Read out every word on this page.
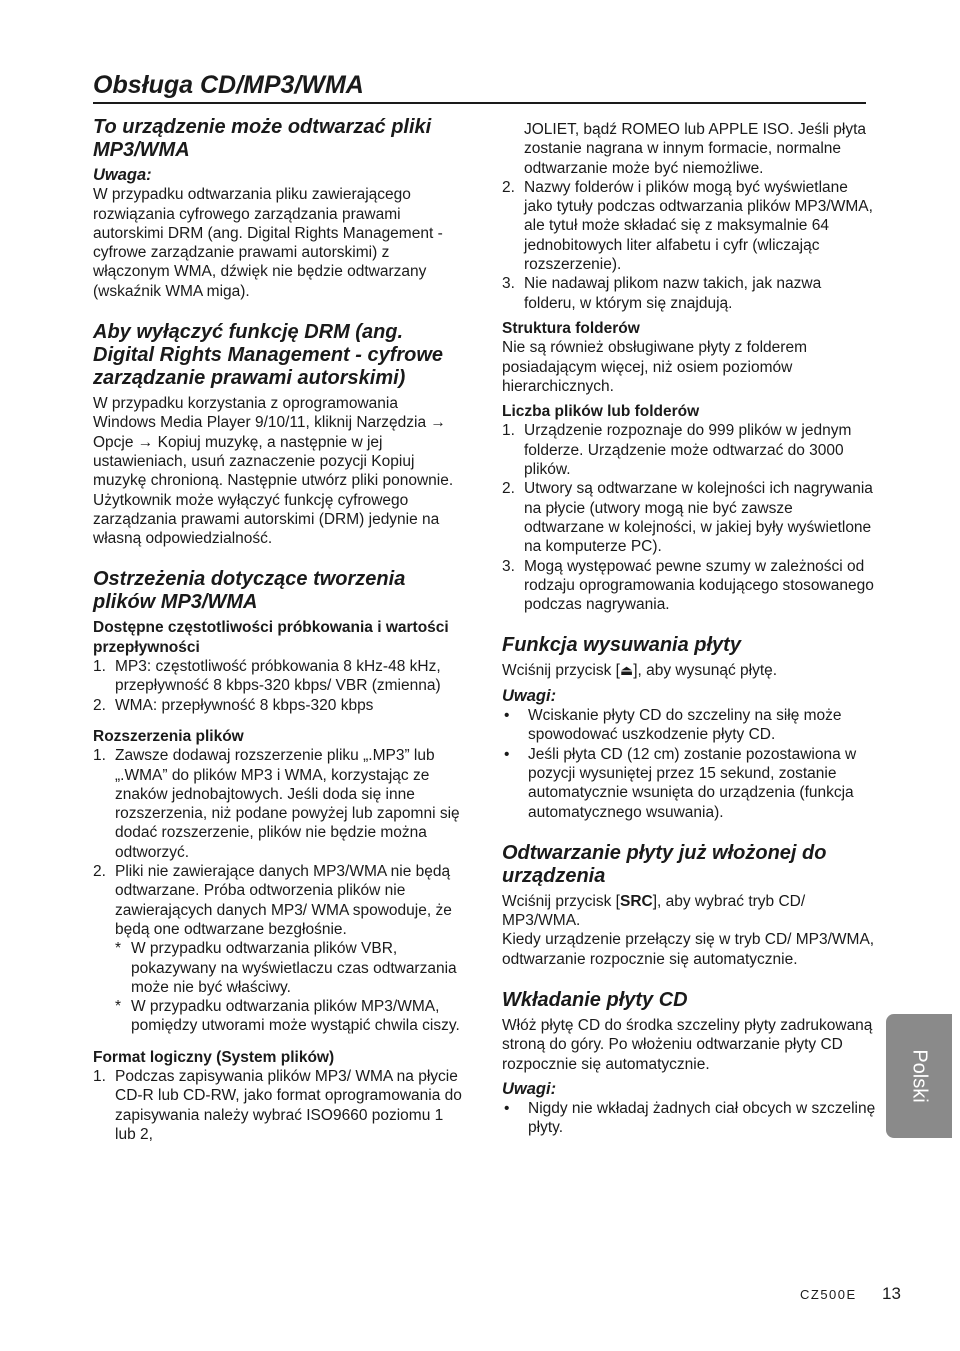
Obsługa CD/MP3/WMA
To urządzenie może odtwarzać pliki MP3/WMA
Uwaga:

W przypadku odtwarzania pliku zawierającego rozwiązania cyfrowego zarządzania prawami autorskimi DRM (ang. Digital Rights Management - cyfrowe zarządzanie prawami autorskimi) z włączonym WMA, dźwięk nie będzie odtwarzany (wskaźnik WMA miga).

Aby wyłączyć funkcję DRM (ang. Digital Rights Management - cyfrowe zarządzanie prawami autorskimi)

W przypadku korzystania z oprogramowania Windows Media Player 9/10/11, kliknij Narzędzia → Opcje → Kopiuj muzykę, a następnie w jej ustawieniach, usuń zaznaczenie pozycji Kopiuj muzykę chronioną. Następnie utwórz pliki ponownie.

Użytkownik może wyłączyć funkcję cyfrowego zarządzania prawami autorskimi (DRM) jedynie na własną odpowiedzialność.

Ostrzeżenia dotyczące tworzenia plików MP3/WMA
Dostępne częstotliwości próbkowania i wartości przepływności
1. MP3: częstotliwość próbkowania 8 kHz-48 kHz, przepływność 8 kbps-320 kbps/ VBR (zmienna)
2. WMA: przepływność 8 kbps-320 kbps
Rozszerzenia plików
1. Zawsze dodawaj rozszerzenie pliku „.MP3” lub „.WMA” do plików MP3 i WMA, korzystając ze znaków jednobajtowych. Jeśli doda się inne rozszerzenia, niż podane powyżej lub zapomni się dodać rozszerzenie, plików nie będzie można odtworzyć.
2. Pliki nie zawierające danych MP3/WMA nie będą odtwarzane. Próba odtworzenia plików nie zawierających danych MP3/ WMA spowoduje, że będą one odtwarzane bezgłośnie.
* W przypadku odtwarzania plików VBR, pokazywany na wyświetlaczu czas odtwarzania może nie być właściwy.
* W przypadku odtwarzania plików MP3/WMA, pomiędzy utworami może wystąpić chwila ciszy.
Format logiczny (System plików)
1. Podczas zapisywania plików MP3/ WMA na płycie CD-R lub CD-RW, jako format oprogramowania do zapisywania należy wybrać ISO9660 poziomu 1 lub 2,
JOLIET, bądź ROMEO lub APPLE ISO. Jeśli płyta zostanie nagrana w innym formacie, normalne odtwarzanie może być niemożliwe.
2. Nazwy folderów i plików mogą być wyświetlane jako tytuły podczas odtwarzania plików MP3/WMA, ale tytuł może składać się z maksymalnie 64 jednobitowych liter alfabetu i cyfr (wliczając rozszerzenie).
3. Nie nadawaj plikom nazw takich, jak nazwa folderu, w którym się znajdują.
Struktura folderów

Nie są również obsługiwane płyty z folderem posiadającym więcej, niż osiem poziomów hierarchicznych.

Liczba plików lub folderów
1. Urządzenie rozpoznaje do 999 plików w jednym folderze. Urządzenie może odtwarzać do 3000 plików.
2. Utwory są odtwarzane w kolejności ich nagrywania na płycie (utwory mogą nie być zawsze odtwarzane w kolejności, w jakiej były wyświetlone na komputerze PC).
3. Mogą występować pewne szumy w zależności od rodzaju oprogramowania kodującego stosowanego podczas nagrywania.
Funkcja wysuwania płyty

Wciśnij przycisk [⏏], aby wysunąć płytę.

Uwagi:
•	Wciskanie płyty CD do szczeliny na siłę może spowodować uszkodzenie płyty CD.
•	Jeśli płyta CD (12 cm) zostanie pozostawiona w pozycji wysuniętej przez 15 sekund, zostanie automatycznie wsunięta do urządzenia (funkcja automatycznego wsuwania).
Odtwarzanie płyty już włożonej do urządzenia

Wciśnij przycisk [SRC], aby wybrać tryb CD/ MP3/WMA.

Kiedy urządzenie przełączy się w tryb CD/ MP3/WMA, odtwarzanie rozpocznie się automatycznie.

Wkładanie płyty CD

Włóż płytę CD do środka szczeliny płyty zadrukowaną stroną do góry. Po włożeniu odtwarzanie płyty CD rozpocznie się automatycznie.

Uwagi:
•	Nigdy nie wkładaj żadnych ciał obcych w szczelinę płyty.
Polski
CZ500E 13
